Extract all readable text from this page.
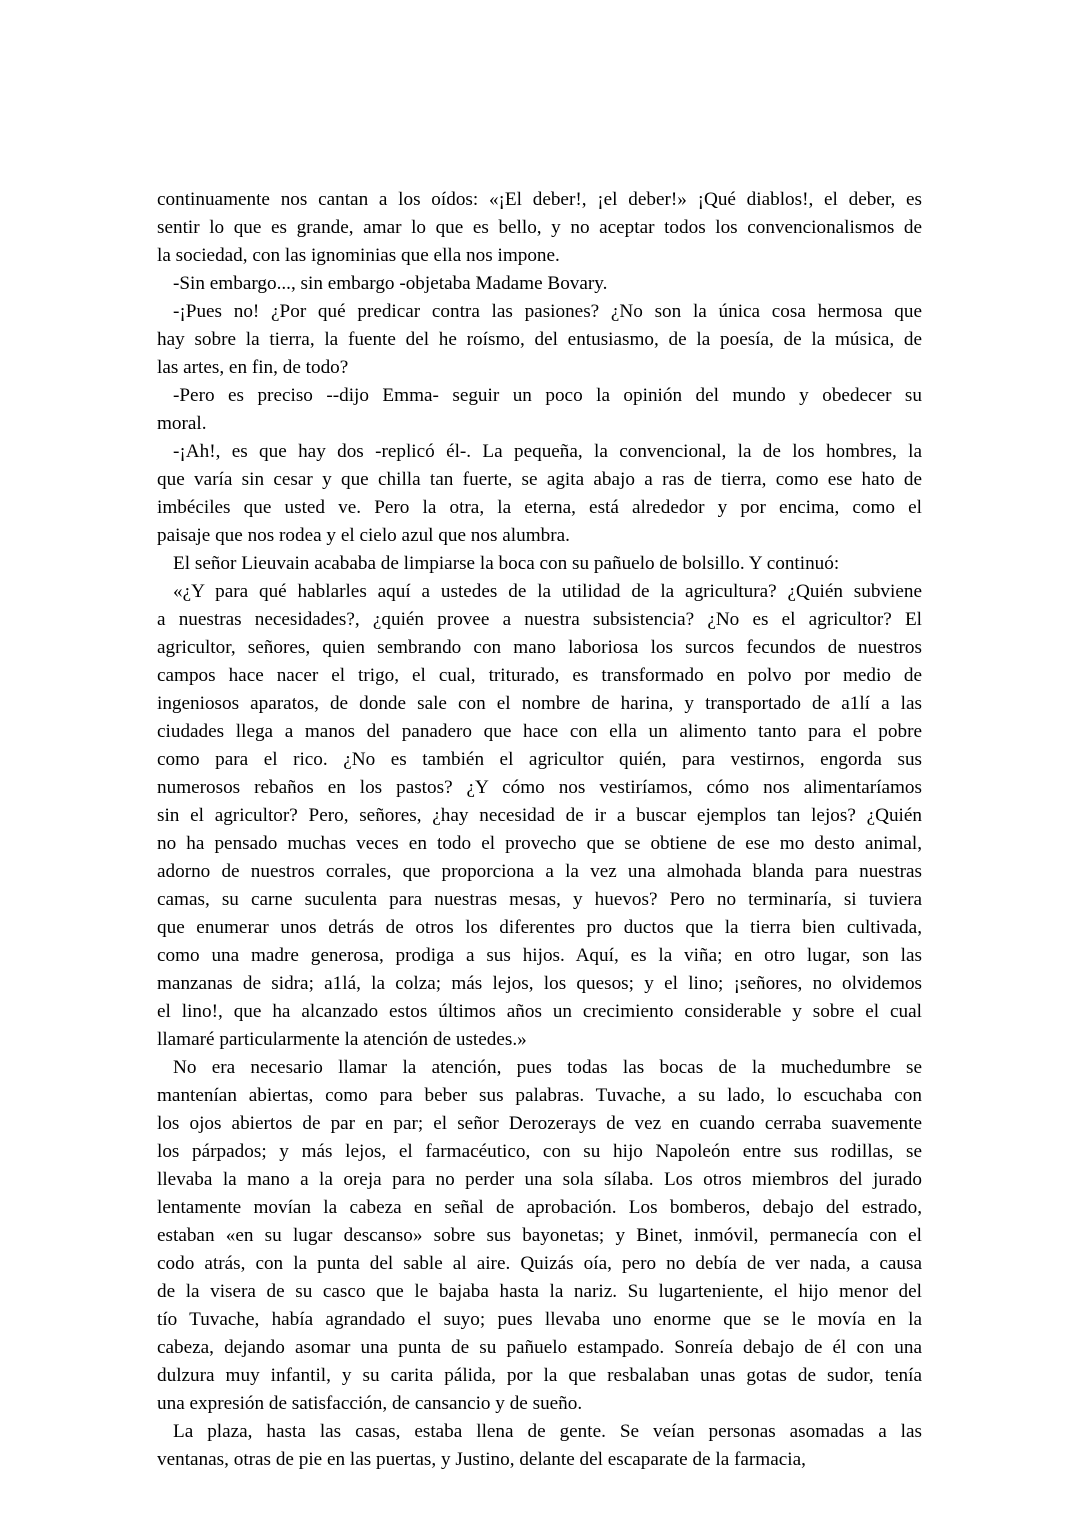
continuamente nos cantan a los oídos: «¡El deber!, ¡el deber!» ¡Qué diablos!, el deber, es
sentir lo que es grande, amar lo que es bello, y no aceptar todos los convencionalismos de
la sociedad, con las ignominias que ella nos impone.

-Sin embargo..., sin embargo -objetaba Madame Bovary.

-¡Pues no! ¿Por qué predicar contra las pasiones? ¿No son la única cosa hermosa que
hay sobre la tierra, la fuente del he roísmo, del entusiasmo, de la poesía, de la música, de
las artes, en fin, de todo?

-Pero es preciso --dijo Emma- seguir un poco la opinión del mundo y obedecer su
moral.

-¡Ah!, es que hay dos -replicó él-. La pequeña, la convencional, la de los hombres, la
que varía sin cesar y que chilla tan fuerte, se agita abajo a ras de tierra, como ese hato de
imbéciles que usted ve. Pero la otra, la eterna, está alrededor y por encima, como el
paisaje que nos rodea y el cielo azul que nos alumbra.

El señor Lieuvain acababa de limpiarse la boca con su pañuelo de bolsillo. Y continuó:

«¿Y para qué hablarles aquí a ustedes de la utilidad de la agricultura? ¿Quién subviene
a nuestras necesidades?, ¿quién provee a nuestra subsistencia? ¿No es el agricultor? El
agricultor, señores, quien sembrando con mano laboriosa los surcos fecundos de nuestros
campos hace nacer el trigo, el cual, triturado, es transformado en polvo por medio de
ingeniosos aparatos, de donde sale con el nombre de harina, y transportado de a1lí a las
ciudades llega a manos del panadero que hace con ella un alimento tanto para el pobre
como para el rico. ¿No es también el agricultor quién, para vestirnos, engorda sus
numerosos rebaños en los pastos? ¿Y cómo nos vestiríamos, cómo nos alimentaríamos
sin el agricultor? Pero, señores, ¿hay necesidad de ir a buscar ejemplos tan lejos? ¿Quién
no ha pensado muchas veces en todo el provecho que se obtiene de ese mo desto animal,
adorno de nuestros corrales, que proporciona a la vez una almohada blanda para nuestras
camas, su carne suculenta para nuestras mesas, y huevos? Pero no terminaría, si tuviera
que enumerar unos detrás de otros los diferentes pro ductos que la tierra bien cultivada,
como una madre generosa, prodiga a sus hijos. Aquí, es la viña; en otro lugar, son las
manzanas de sidra; a1lá, la colza; más lejos, los quesos; y el lino; ¡señores, no olvidemos
el lino!, que ha alcanzado estos últimos años un crecimiento considerable y sobre el cual
llamaré particularmente la atención de ustedes.»

No era necesario llamar la atención, pues todas las bocas de la muchedumbre se
mantenían abiertas, como para beber sus palabras. Tuvache, a su lado, lo escuchaba con
los ojos abiertos de par en par; el señor Derozerays de vez en cuando cerraba suavemente
los párpados; y más lejos, el farmacéutico, con su hijo Napoleón entre sus rodillas, se
llevaba la mano a la oreja para no perder una sola sílaba. Los otros miembros del jurado
lentamente movían la cabeza en señal de aprobación. Los bomberos, debajo del estrado,
estaban «en su lugar descanso» sobre sus bayonetas; y Binet, inmóvil, permanecía con el
codo atrás, con la punta del sable al aire. Quizás oía, pero no debía de ver nada, a causa
de la visera de su casco que le bajaba hasta la nariz. Su lugarteniente, el hijo menor del
tío Tuvache, había agrandado el suyo; pues llevaba uno enorme que se le movía en la
cabeza, dejando asomar una punta de su pañuelo estampado. Sonreía debajo de él con una
dulzura muy infantil, y su carita pálida, por la que resbalaban unas gotas de sudor, tenía
una expresión de satisfacción, de cansancio y de sueño.

La plaza, hasta las casas, estaba llena de gente. Se veían personas asomadas a las
ventanas, otras de pie en las puertas, y Justino, delante del escaparate de la farmacia,
